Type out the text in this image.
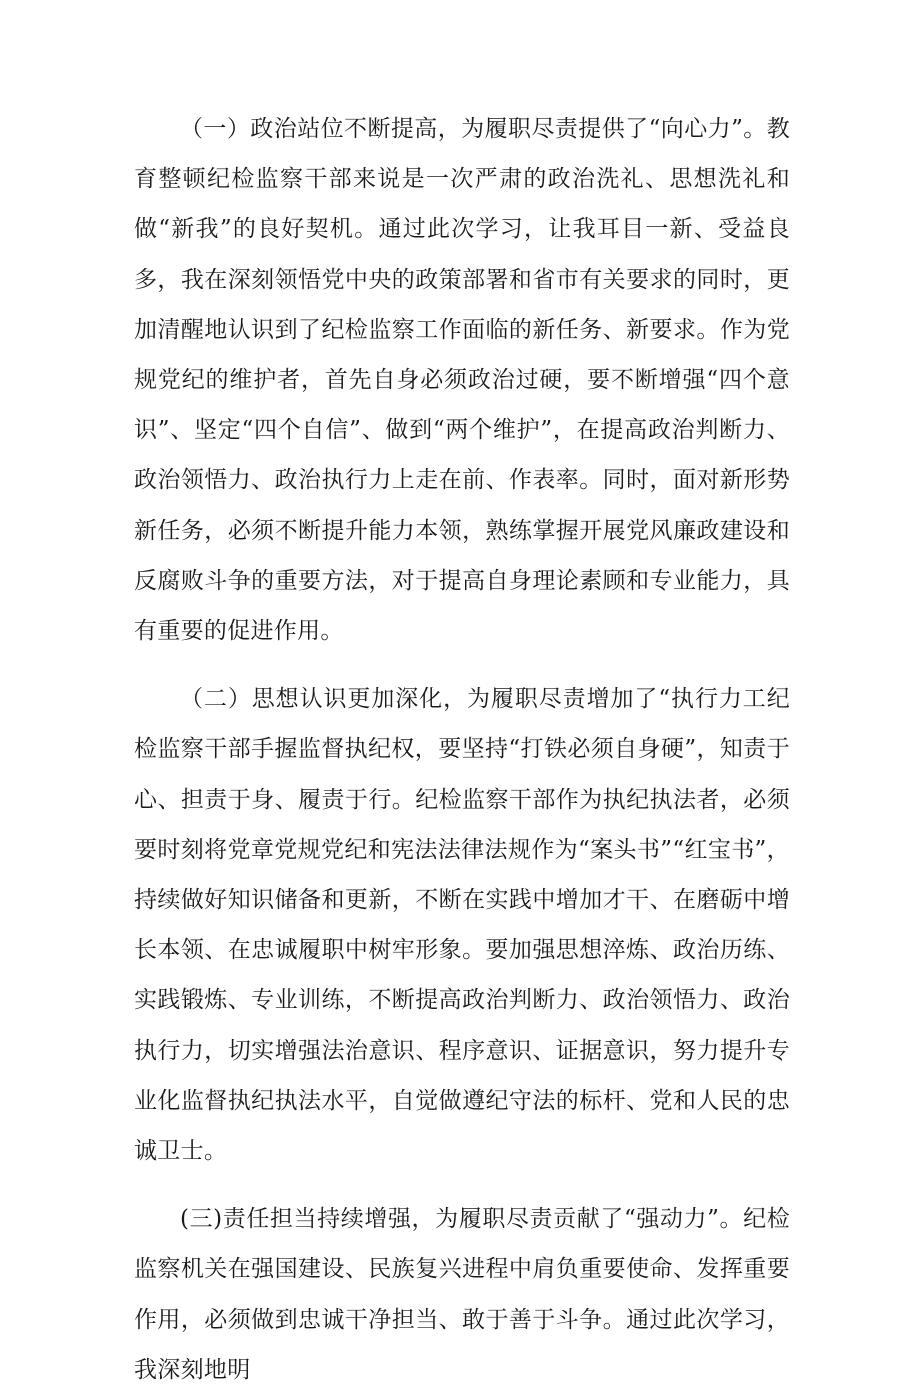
（一）政治站位不断提高，为履职尽责提供了“向心力”。教育整顿纪检监察干部来说是一次严肃的政治洗礼、思想洗礼和做“新我”的良好契机。通过此次学习，让我耳目一新、受益良多，我在深刻领悟党中央的政策部署和省市有关要求的同时，更加清醒地认识到了纪检监察工作面临的新任务、新要求。作为党规党纪的维护者，首先自身必须政治过硬，要不断增强“四个意识”、坚定“四个自信”、做到“两个维护”，在提高政治判断力、政治领悟力、政治执行力上走在前、作表率。同时，面对新形势新任务，必须不断提升能力本领，熟练掌握开展党风廉政建设和反腐败斗争的重要方法，对于提高自身理论素顾和专业能力，具有重要的促进作用。

（二）思想认识更加深化，为履职尽责增加了“执行力工纪检监察干部手握监督执纪权，要坚持“打铁必须自身硬”，知责于心、担责于身、履责于行。纪检监察干部作为执纪执法者，必须要时刻将党章党规党纪和宪法法律法规作为“案头书”“红宝书”，持续做好知识储备和更新，不断在实践中增加才干、在磨砺中增长本领、在忠诚履职中树牢形象。要加强思想淬炼、政治历练、实践锻炼、专业训练，不断提高政治判断力、政治领悟力、政治执行力，切实增强法治意识、程序意识、证据意识，努力提升专业化监督执纪执法水平，自觉做遵纪守法的标杆、党和人民的忠诚卫士。

(三)责任担当持续增强，为履职尽责贡献了“强动力”。纪检监察机关在强国建设、民族复兴进程中肩负重要使命、发挥重要作用，必须做到忠诚干净担当、敢于善于斗争。通过此次学习，我深刻地明
